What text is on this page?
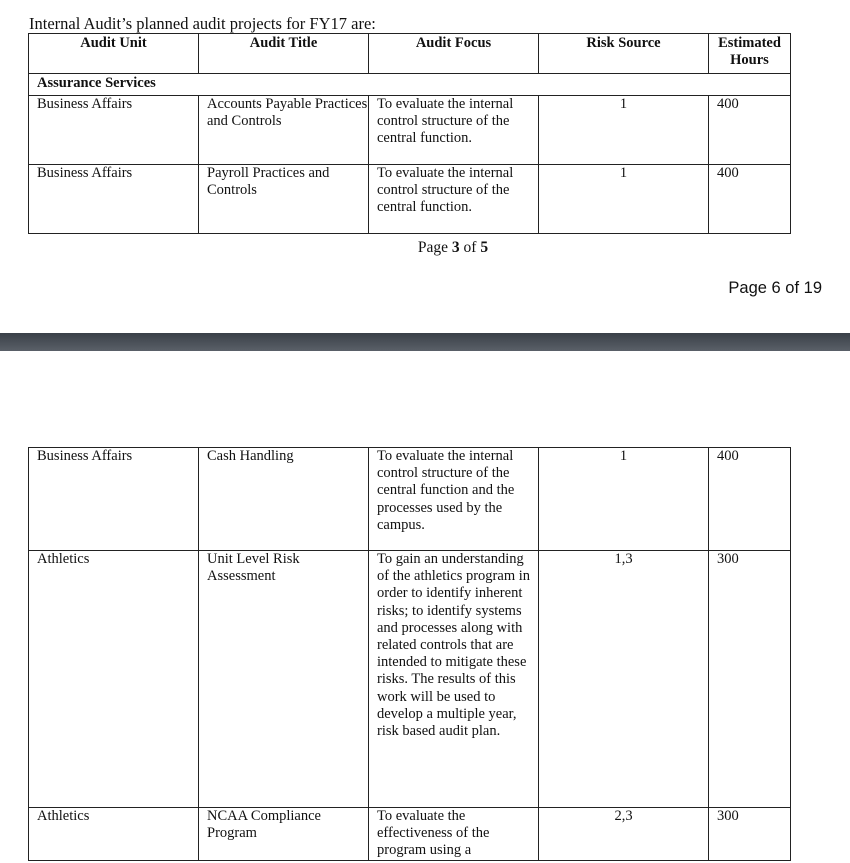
Internal Audit’s planned audit projects for FY17 are:
Audit Unit	Audit Title	Audit Focus	Risk Source	Estimated Hours
Assurance Services				
Business Affairs	Accounts Payable Practices and Controls	To evaluate the internal control structure of the central function.	1	400
Business Affairs	Payroll Practices and Controls	To evaluate the internal control structure of the central function.	1	400
Page 3 of 5
Page 6 of 19
Business Affairs	Cash Handling	To evaluate the internal control structure of the central function and the processes used by the campus.	1	400
Athletics	Unit Level Risk Assessment	To gain an understanding of the athletics program in order to identify inherent risks; to identify systems and processes along with related controls that are intended to mitigate these risks. The results of this work will be used to develop a multiple year, risk based audit plan.	1,3	300
Athletics	NCAA Compliance Program	To evaluate the effectiveness of the program using a	2,3	300
